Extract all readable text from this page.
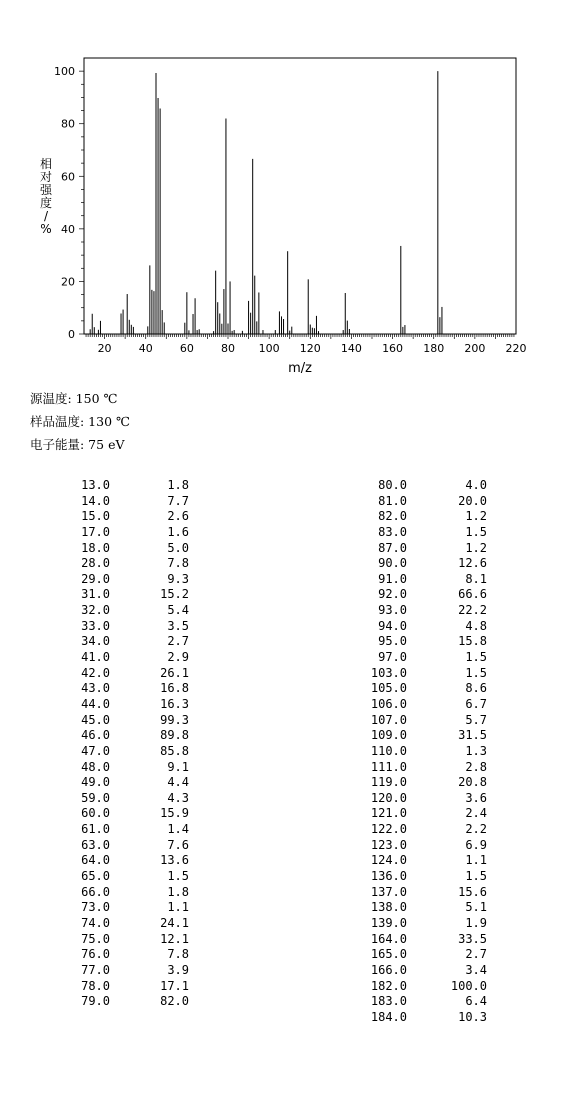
0
20
40
60
80
100
20 40 60 80 100 120 140 160 180 200 220
相对强度/ %
m/z
源温度: 150 ℃
样品温度: 130 ℃
电子能量: 75 eV
13.0	1.8
14.0	7.7
15.0	2.6
17.0	1.6
18.0	5.0
28.0	7.8
29.0	9.3
31.0	15.2
32.0	5.4
33.0	3.5
34.0	2.7
41.0	2.9
42.0	26.1
43.0	16.8
44.0	16.3
45.0	99.3
46.0	89.8
47.0	85.8
48.0	9.1
49.0	4.4
59.0	4.3
60.0	15.9
61.0	1.4
63.0	7.6
64.0	13.6
65.0	1.5
66.0	1.8
73.0	1.1
74.0	24.1
75.0	12.1
76.0	7.8
77.0	3.9
78.0	17.1
79.0	82.0
80.0	4.0
81.0	20.0
82.0	1.2
83.0	1.5
87.0	1.2
90.0	12.6
91.0	8.1
92.0	66.6
93.0	22.2
94.0	4.8
95.0	15.8
97.0	1.5
103.0	1.5
105.0	8.6
106.0	6.7
107.0	5.7
109.0	31.5
110.0	1.3
111.0	2.8
119.0	20.8
120.0	3.6
121.0	2.4
122.0	2.2
123.0	6.9
124.0	1.1
136.0	1.5
137.0	15.6
138.0	5.1
139.0	1.9
164.0	33.5
165.0	2.7
166.0	3.4
182.0	100.0
183.0	6.4
184.0	10.3
